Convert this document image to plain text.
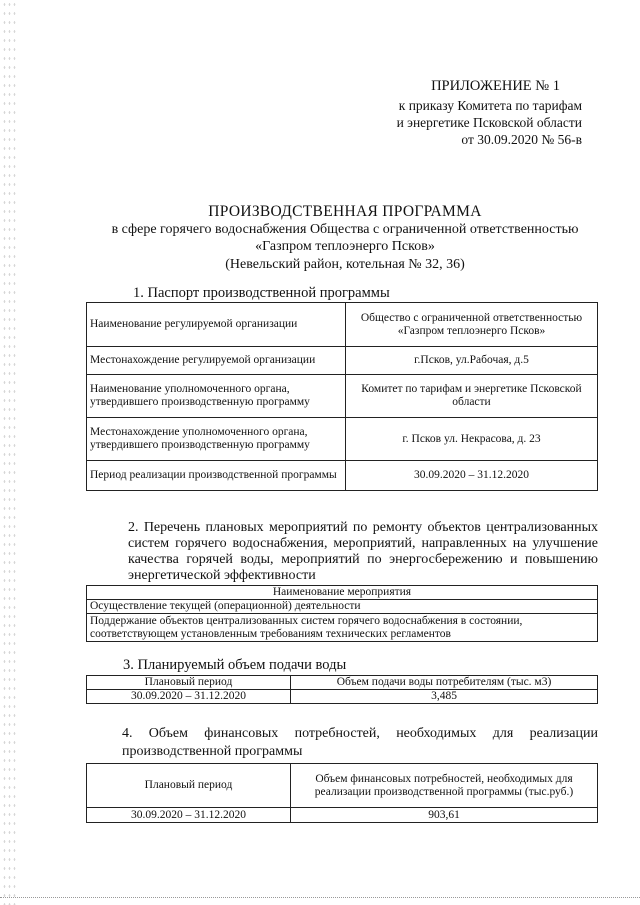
ПРИЛОЖЕНИЕ № 1
к приказу Комитета по тарифам
и энергетике Псковской области
от 30.09.2020 № 56-в
ПРОИЗВОДСТВЕННАЯ ПРОГРАММА
в сфере горячего водоснабжения Общества с ограниченной ответственностью
«Газпром теплоэнерго Псков»
(Невельский район, котельная № 32, 36)
1. Паспорт производственной программы
Наименование регулируемой организации	Общество с ограниченной ответственностью «Газпром теплоэнерго Псков»
Местонахождение регулируемой организации	г.Псков, ул.Рабочая, д.5
Наименование уполномоченного органа, утвердившего производственную программу	Комитет по тарифам и энергетике Псковской области
Местонахождение уполномоченного органа, утвердившего производственную программу	г. Псков ул. Некрасова, д. 23
Период реализации производственной программы	30.09.2020 – 31.12.2020
2. Перечень плановых мероприятий по ремонту объектов централизованных систем горячего водоснабжения, мероприятий, направленных на улучшение качества горячей воды, мероприятий по энергосбережению и повышению энергетической эффективности
Наименование мероприятия
Осуществление текущей (операционной) деятельности
Поддержание объектов централизованных систем горячего водоснабжения в состоянии, соответствующем установленным требованиям технических регламентов
3. Планируемый объем подачи воды
Плановый период	Объем подачи воды потребителям (тыс. м3)
30.09.2020 – 31.12.2020	3,485
4. Объем финансовых потребностей, необходимых для реализации производственной программы
Плановый период	Объем финансовых потребностей, необходимых для реализации производственной программы (тыс.руб.)
30.09.2020 – 31.12.2020	903,61
